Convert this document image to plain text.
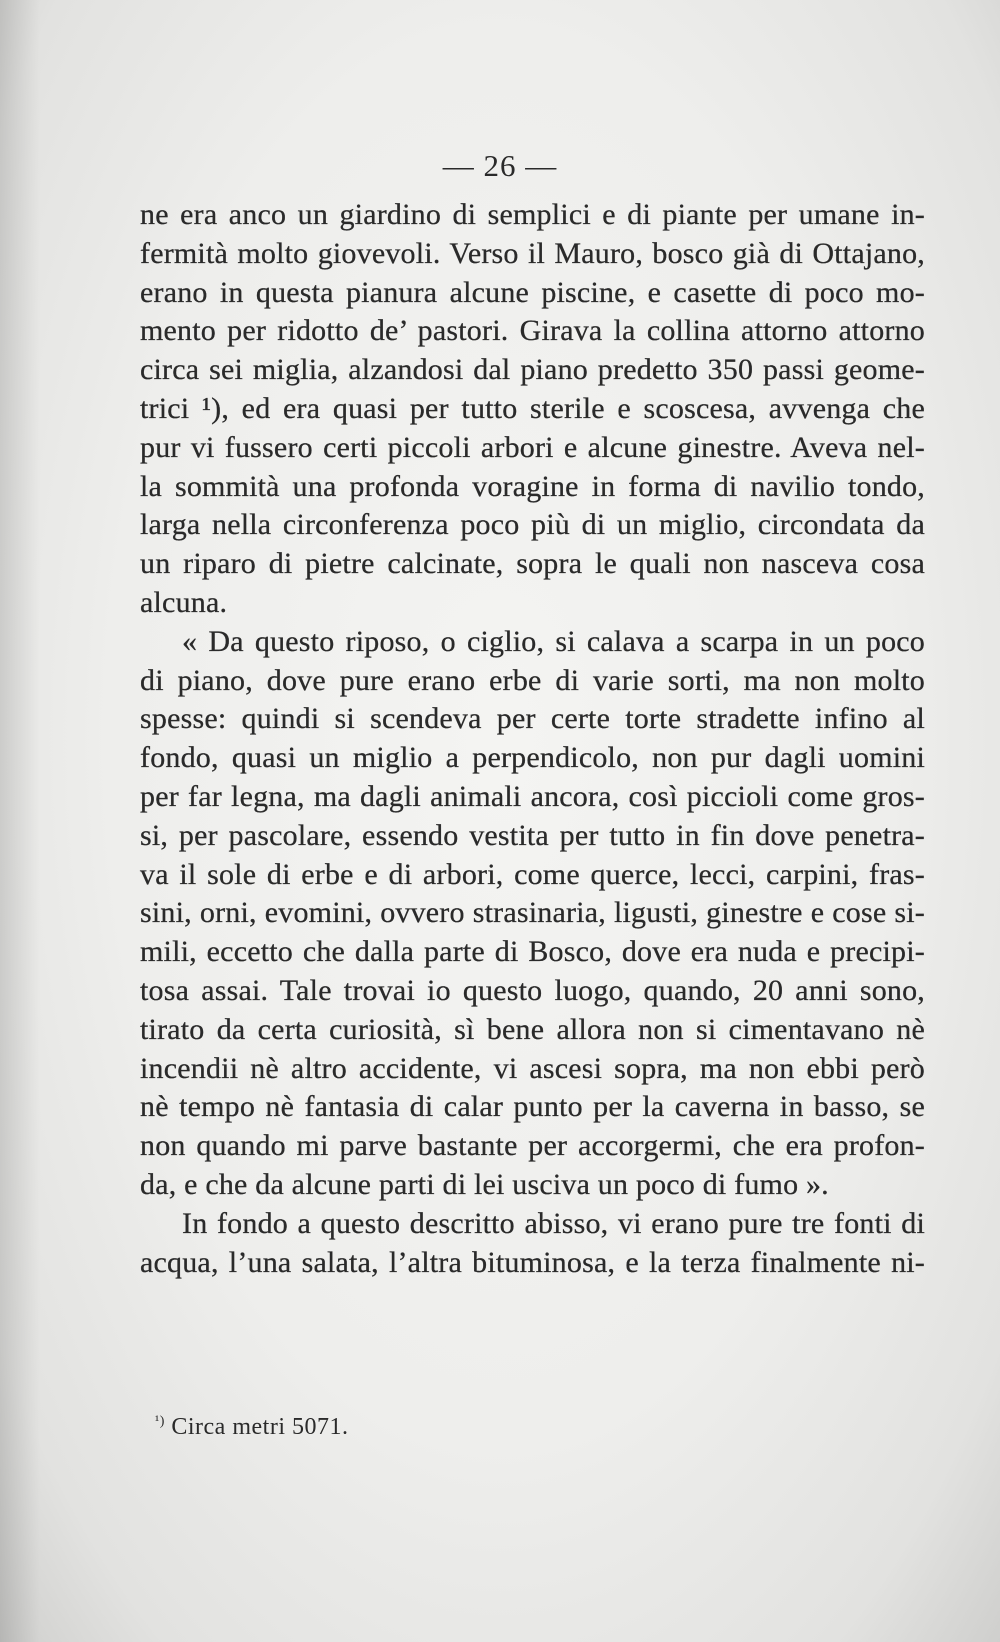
— 26 —
ne era anco un giardino di semplici e di piante per umane in-
fermità molto giovevoli. Verso il Mauro, bosco già di Ottajano,
erano in questa pianura alcune piscine, e casette di poco mo-
mento per ridotto de’ pastori. Girava la collina attorno attorno
circa sei miglia, alzandosi dal piano predetto 350 passi geome-
trici ¹), ed era quasi per tutto sterile e scoscesa, avvenga che
pur vi fussero certi piccoli arbori e alcune ginestre. Aveva nel-
la sommità una profonda voragine in forma di navilio tondo,
larga nella circonferenza poco più di un miglio, circondata da
un riparo di pietre calcinate, sopra le quali non nasceva cosa
alcuna.
« Da questo riposo, o ciglio, si calava a scarpa in un poco
di piano, dove pure erano erbe di varie sorti, ma non molto
spesse: quindi si scendeva per certe torte stradette infino al
fondo, quasi un miglio a perpendicolo, non pur dagli uomini
per far legna, ma dagli animali ancora, così piccioli come gros-
si, per pascolare, essendo vestita per tutto in fin dove penetra-
va il sole di erbe e di arbori, come querce, lecci, carpini, fras-
sini, orni, evomini, ovvero strasinaria, ligusti, ginestre e cose si-
mili, eccetto che dalla parte di Bosco, dove era nuda e precipi-
tosa assai. Tale trovai io questo luogo, quando, 20 anni sono,
tirato da certa curiosità, sì bene allora non si cimentavano nè
incendii nè altro accidente, vi ascesi sopra, ma non ebbi però
nè tempo nè fantasia di calar punto per la caverna in basso, se
non quando mi parve bastante per accorgermi, che era profon-
da, e che da alcune parti di lei usciva un poco di fumo ».
In fondo a questo descritto abisso, vi erano pure tre fonti di
acqua, l’una salata, l’altra bituminosa, e la terza finalmente ni-
$^{^1)}$ Circa metri 5071.
